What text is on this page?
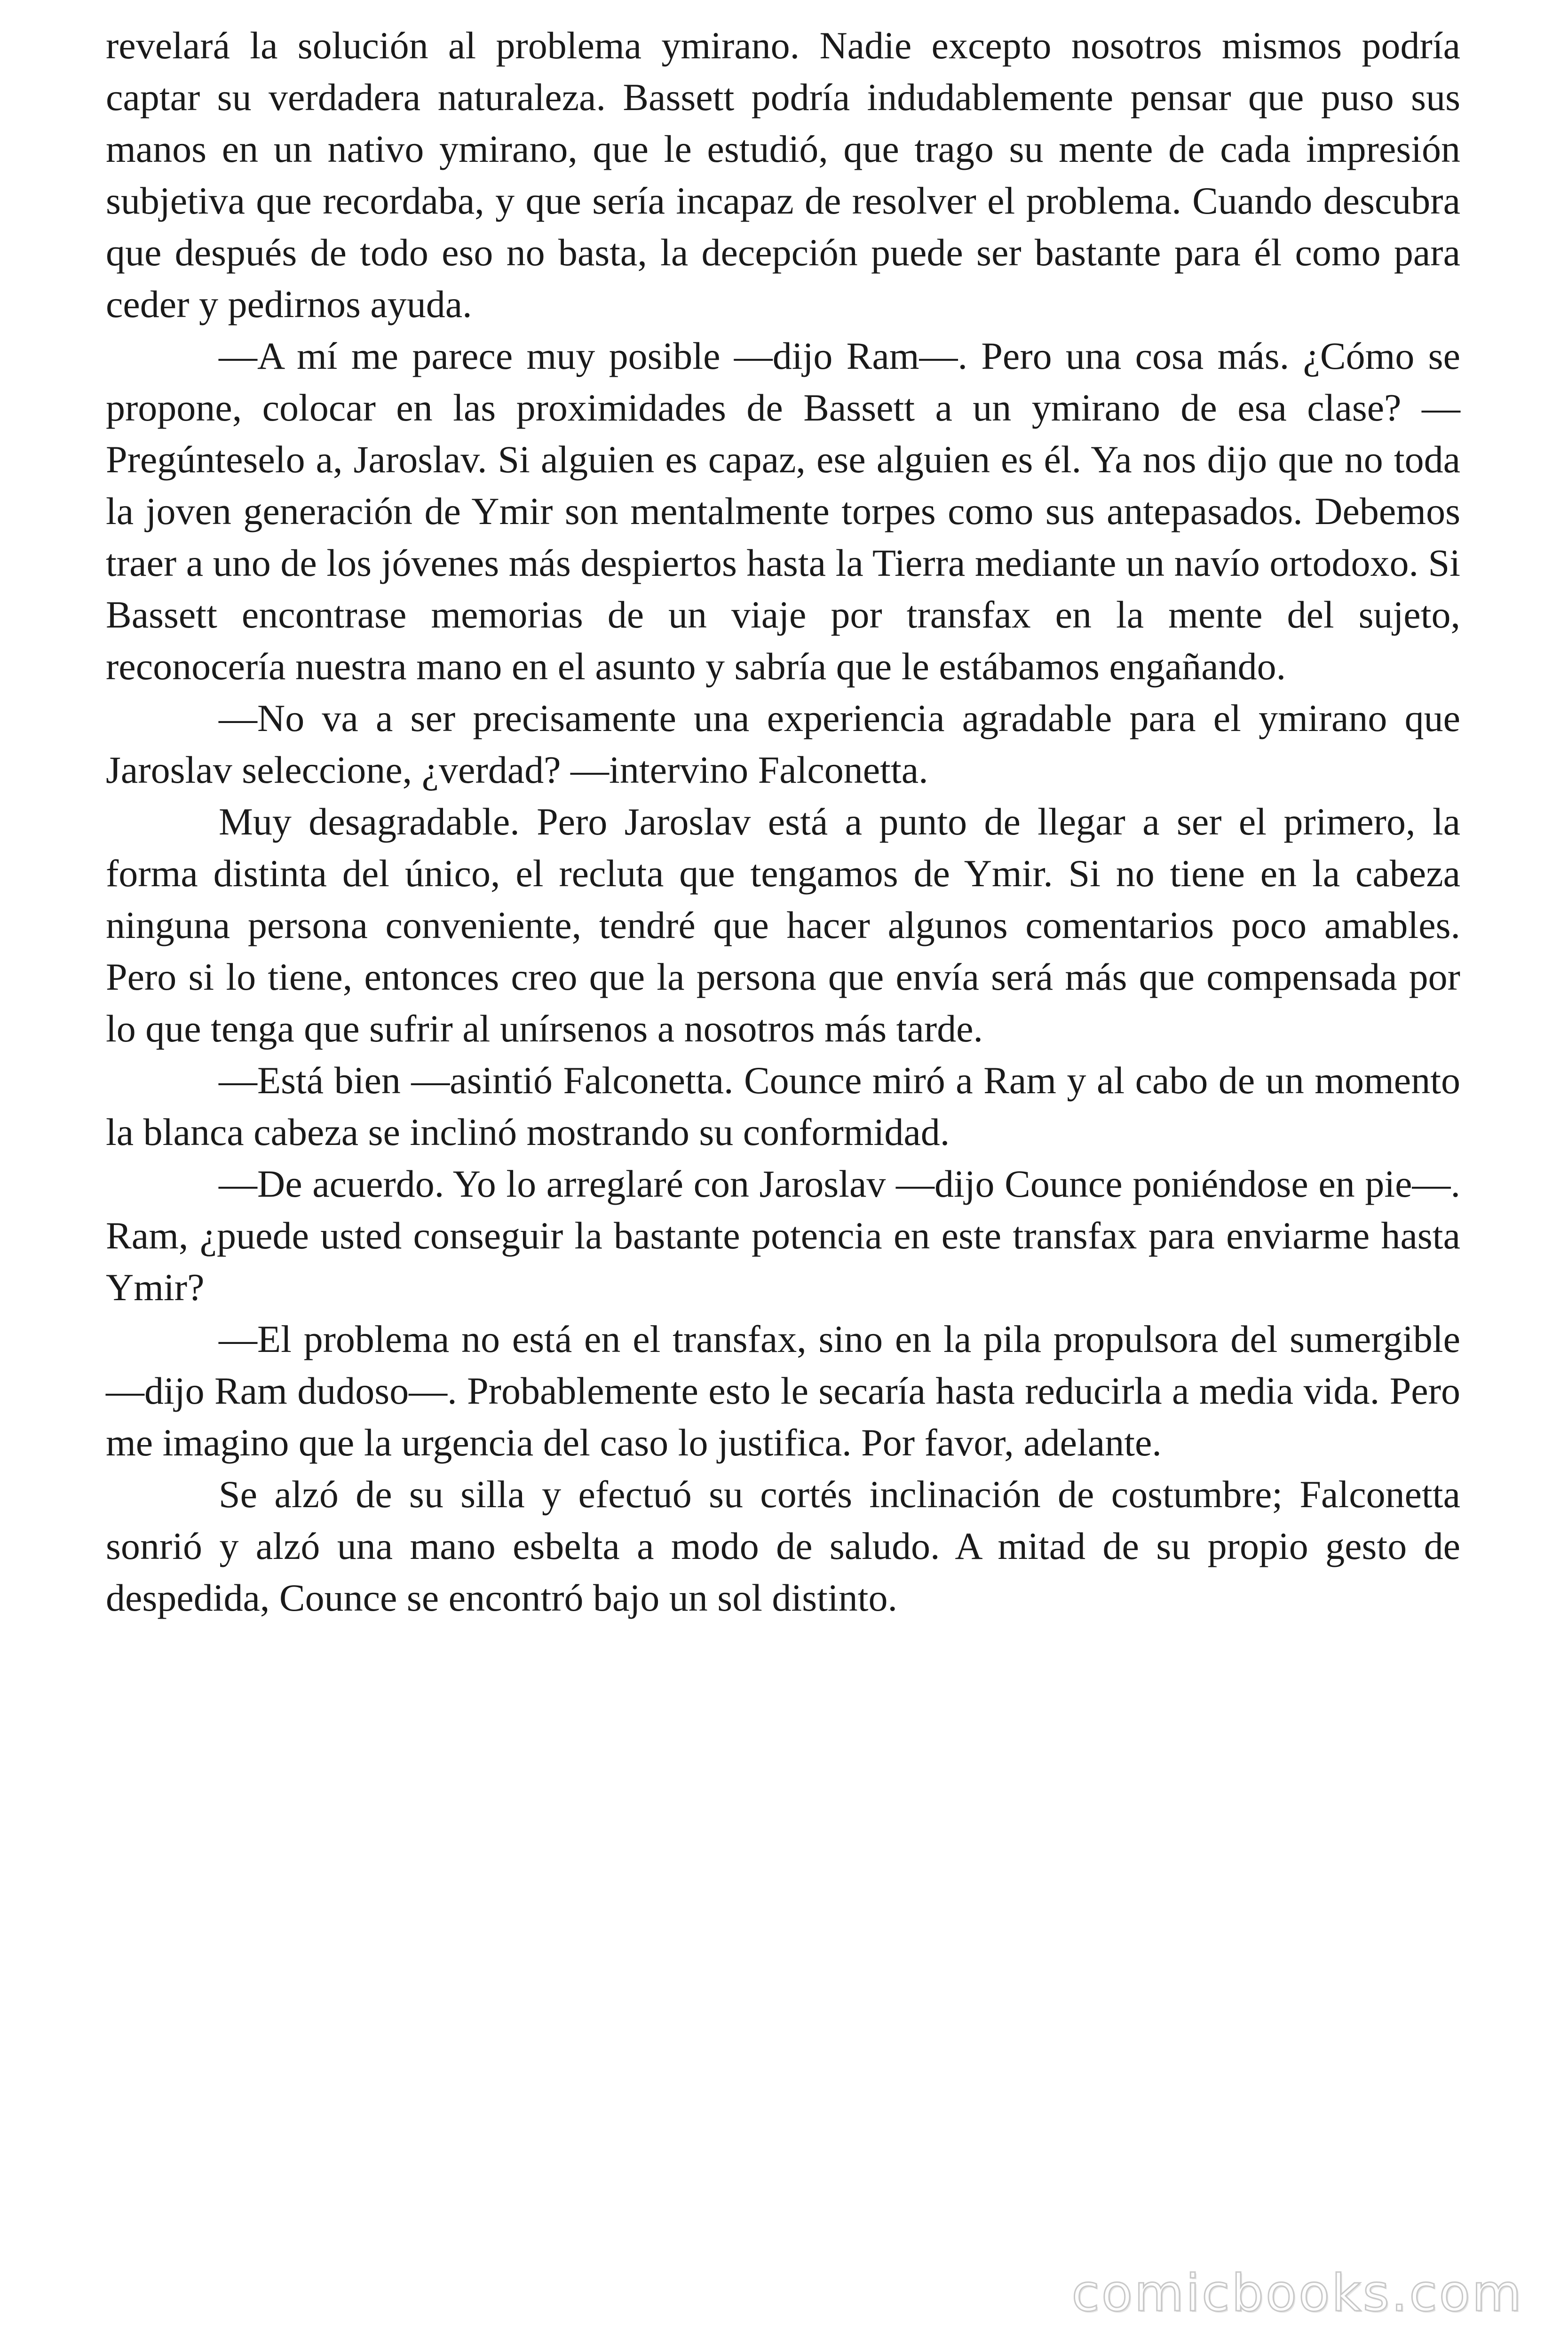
revelará la solución al problema ymirano. Nadie excepto nosotros mismos podría captar su verdadera naturaleza. Bassett podría indudablemente pensar que puso sus manos en un nativo ymirano, que le estudió, que trago su mente de cada impresión subjetiva que recordaba, y que sería incapaz de resolver el problema. Cuando descubra que después de todo eso no basta, la decepción puede ser bastante para él como para ceder y pedirnos ayuda.

—A mí me parece muy posible —dijo Ram—. Pero una cosa más. ¿Cómo se propone, colocar en las proximidades de Bassett a un ymirano de esa clase? —Pregúnteselo a, Jaroslav. Si alguien es capaz, ese alguien es él. Ya nos dijo que no toda la joven generación de Ymir son mentalmente torpes como sus antepasados. Debemos traer a uno de los jóvenes más despiertos hasta la Tierra mediante un navío ortodoxo. Si Bassett encontrase memorias de un viaje por transfax en la mente del sujeto, reconocería nuestra mano en el asunto y sabría que le estábamos engañando.

—No va a ser precisamente una experiencia agradable para el ymirano que Jaroslav seleccione, ¿verdad? —intervino Falconetta.

Muy desagradable. Pero Jaroslav está a punto de llegar a ser el primero, la forma distinta del único, el recluta que tengamos de Ymir. Si no tiene en la cabeza ninguna persona conveniente, tendré que hacer algunos comentarios poco amables. Pero si lo tiene, entonces creo que la persona que envía será más que compensada por lo que tenga que sufrir al unírsenos a nosotros más tarde.

—Está bien —asintió Falconetta. Counce miró a Ram y al cabo de un momento la blanca cabeza se inclinó mostrando su conformidad.

—De acuerdo. Yo lo arreglaré con Jaroslav —dijo Counce poniéndose en pie—. Ram, ¿puede usted conseguir la bastante potencia en este transfax para enviarme hasta Ymir?

—El problema no está en el transfax, sino en la pila propulsora del sumergible —dijo Ram dudoso—. Probablemente esto le secaría hasta reducirla a media vida. Pero me imagino que la urgencia del caso lo justifica. Por favor, adelante.

Se alzó de su silla y efectuó su cortés inclinación de costumbre; Falconetta sonrió y alzó una mano esbelta a modo de saludo. A mitad de su propio gesto de despedida, Counce se encontró bajo un sol distinto.

comicbooks.com
